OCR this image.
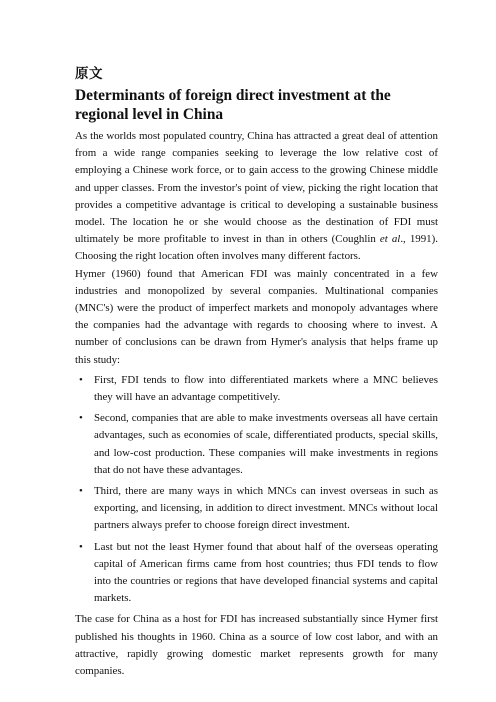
原文
Determinants of foreign direct investment at the regional level in China

As the worlds most populated country, China has attracted a great deal of attention from a wide range companies seeking to leverage the low relative cost of employing a Chinese work force, or to gain access to the growing Chinese middle and upper classes. From the investor's point of view, picking the right location that provides a competitive advantage is critical to developing a sustainable business model. The location he or she would choose as the destination of FDI must ultimately be more profitable to invest in than in others (Coughlin et al., 1991). Choosing the right location often involves many different factors.

Hymer (1960) found that American FDI was mainly concentrated in a few industries and monopolized by several companies. Multinational companies (MNC's) were the product of imperfect markets and monopoly advantages where the companies had the advantage with regards to choosing where to invest. A number of conclusions can be drawn from Hymer's analysis that helps frame up this study:

• First, FDI tends to flow into differentiated markets where a MNC believes they will have an advantage competitively.
• Second, companies that are able to make investments overseas all have certain advantages, such as economies of scale, differentiated products, special skills, and low-cost production. These companies will make investments in regions that do not have these advantages.
• Third, there are many ways in which MNCs can invest overseas in such as exporting, and licensing, in addition to direct investment. MNCs without local partners always prefer to choose foreign direct investment.
• Last but not the least Hymer found that about half of the overseas operating capital of American firms came from host countries; thus FDI tends to flow into the countries or regions that have developed financial systems and capital markets.

The case for China as a host for FDI has increased substantially since Hymer first published his thoughts in 1960. China as a source of low cost labor, and with an attractive, rapidly growing domestic market represents growth for many companies.
